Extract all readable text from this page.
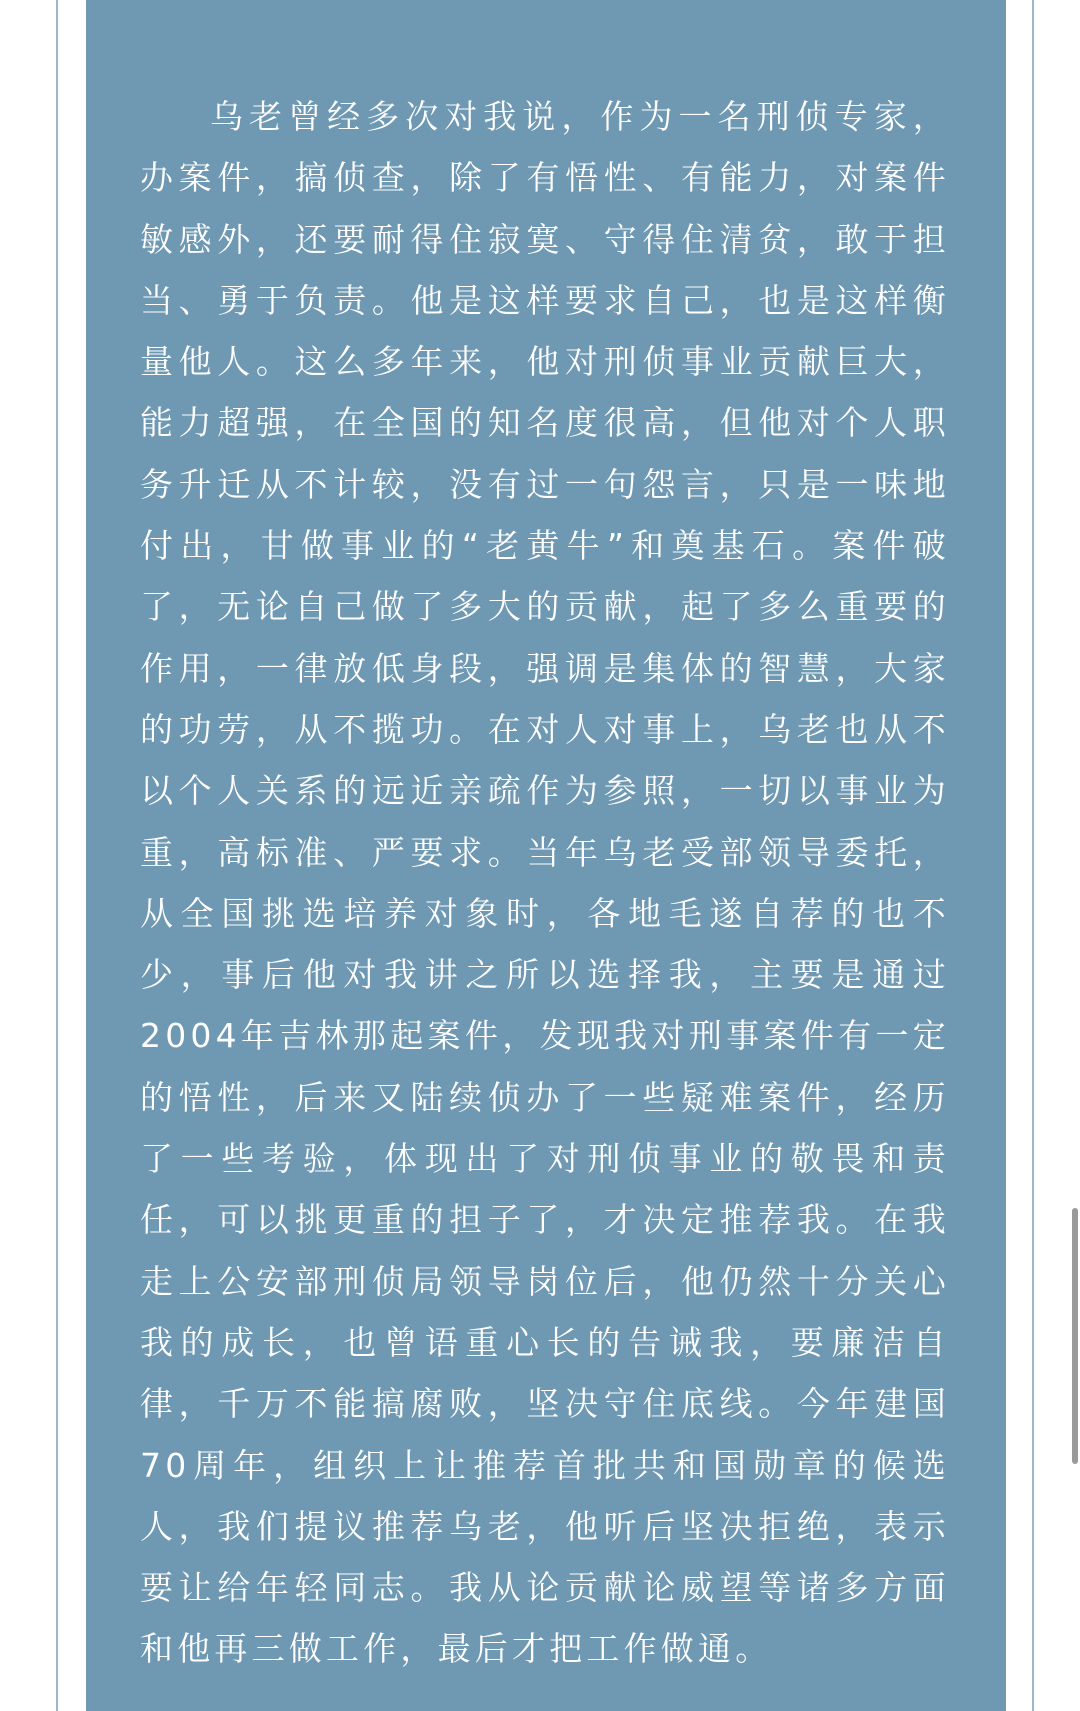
乌老曾经多次对我说，作为一名刑侦专家，办案件，搞侦查，除了有悟性、有能力，对案件敏感外，还要耐得住寂寞、守得住清贫，敢于担当、勇于负责。他是这样要求自己，也是这样衡量他人。这么多年来，他对刑侦事业贡献巨大，能力超强，在全国的知名度很高，但他对个人职务升迁从不计较，没有过一句怨言，只是一味地付出，甘做事业的“老黄牛”和奠基石。案件破了，无论自己做了多大的贡献，起了多么重要的作用，一律放低身段，强调是集体的智慧，大家的功劳，从不揽功。在对人对事上，乌老也从不以个人关系的远近亲疏作为参照，一切以事业为重，高标准、严要求。当年乌老受部领导委托，从全国挑选培养对象时，各地毛遂自荐的也不少，事后他对我讲之所以选择我，主要是通过2004年吉林那起案件，发现我对刑事案件有一定的悟性，后来又陆续侦办了一些疑难案件，经历了一些考验，体现出了对刑侦事业的敬畏和责任，可以挑更重的担子了，才决定推荐我。在我走上公安部刑侦局领导岗位后，他仍然十分关心我的成长，也曾语重心长的告诫我，要廉洁自律，千万不能搞腐败，坚决守住底线。今年建国70周年，组织上让推荐首批共和国勋章的候选人，我们提议推荐乌老，他听后坚决拒绝，表示要让给年轻同志。我从论贡献论威望等诸多方面和他再三做工作，最后才把工作做通。
